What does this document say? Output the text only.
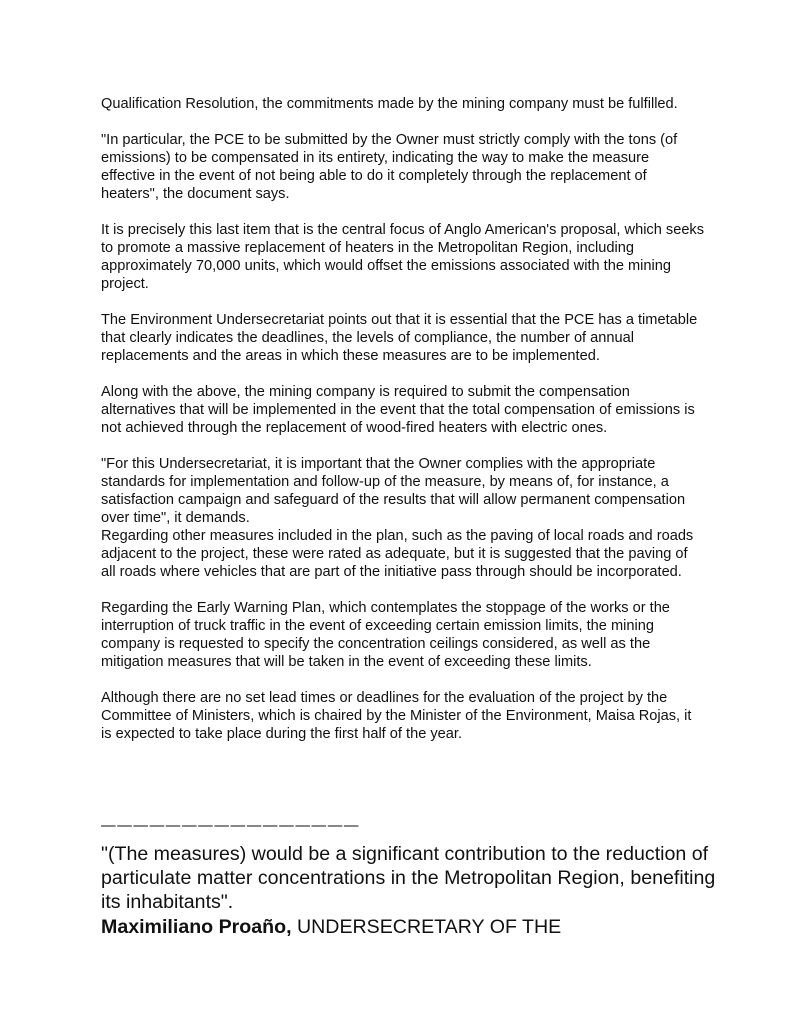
Qualification Resolution, the commitments made by the mining company must be fulfilled.

"In particular, the PCE to be submitted by the Owner must strictly comply with the tons (of emissions) to be compensated in its entirety, indicating the way to make the measure effective in the event of not being able to do it completely through the replacement of heaters", the document says.

It is precisely this last item that is the central focus of Anglo American's proposal, which seeks to promote a massive replacement of heaters in the Metropolitan Region, including approximately 70,000 units, which would offset the emissions associated with the mining project.

The Environment Undersecretariat points out that it is essential that the PCE has a timetable that clearly indicates the deadlines, the levels of compliance, the number of annual replacements and the areas in which these measures are to be implemented.

Along with the above, the mining company is required to submit the compensation alternatives that will be implemented in the event that the total compensation of emissions is not achieved through the replacement of wood-fired heaters with electric ones.

"For this Undersecretariat, it is important that the Owner complies with the appropriate standards for implementation and follow-up of the measure, by means of, for instance, a satisfaction campaign and safeguard of the results that will allow permanent compensation over time", it demands.

Regarding other measures included in the plan, such as the paving of local roads and roads adjacent to the project, these were rated as adequate, but it is suggested that the paving of all roads where vehicles that are part of the initiative pass through should be incorporated.

Regarding the Early Warning Plan, which contemplates the stoppage of the works or the interruption of truck traffic in the event of exceeding certain emission limits, the mining company is requested to specify the concentration ceilings considered, as well as the mitigation measures that will be taken in the event of exceeding these limits.

Although there are no set lead times or deadlines for the evaluation of the project by the Committee of Ministers, which is chaired by the Minister of the Environment, Maisa Rojas, it is expected to take place during the first half of the year.

————————————————

"(The measures) would be a significant contribution to the reduction of particulate matter concentrations in the Metropolitan Region, benefiting its inhabitants".

Maximiliano Proaño, UNDERSECRETARY OF THE
